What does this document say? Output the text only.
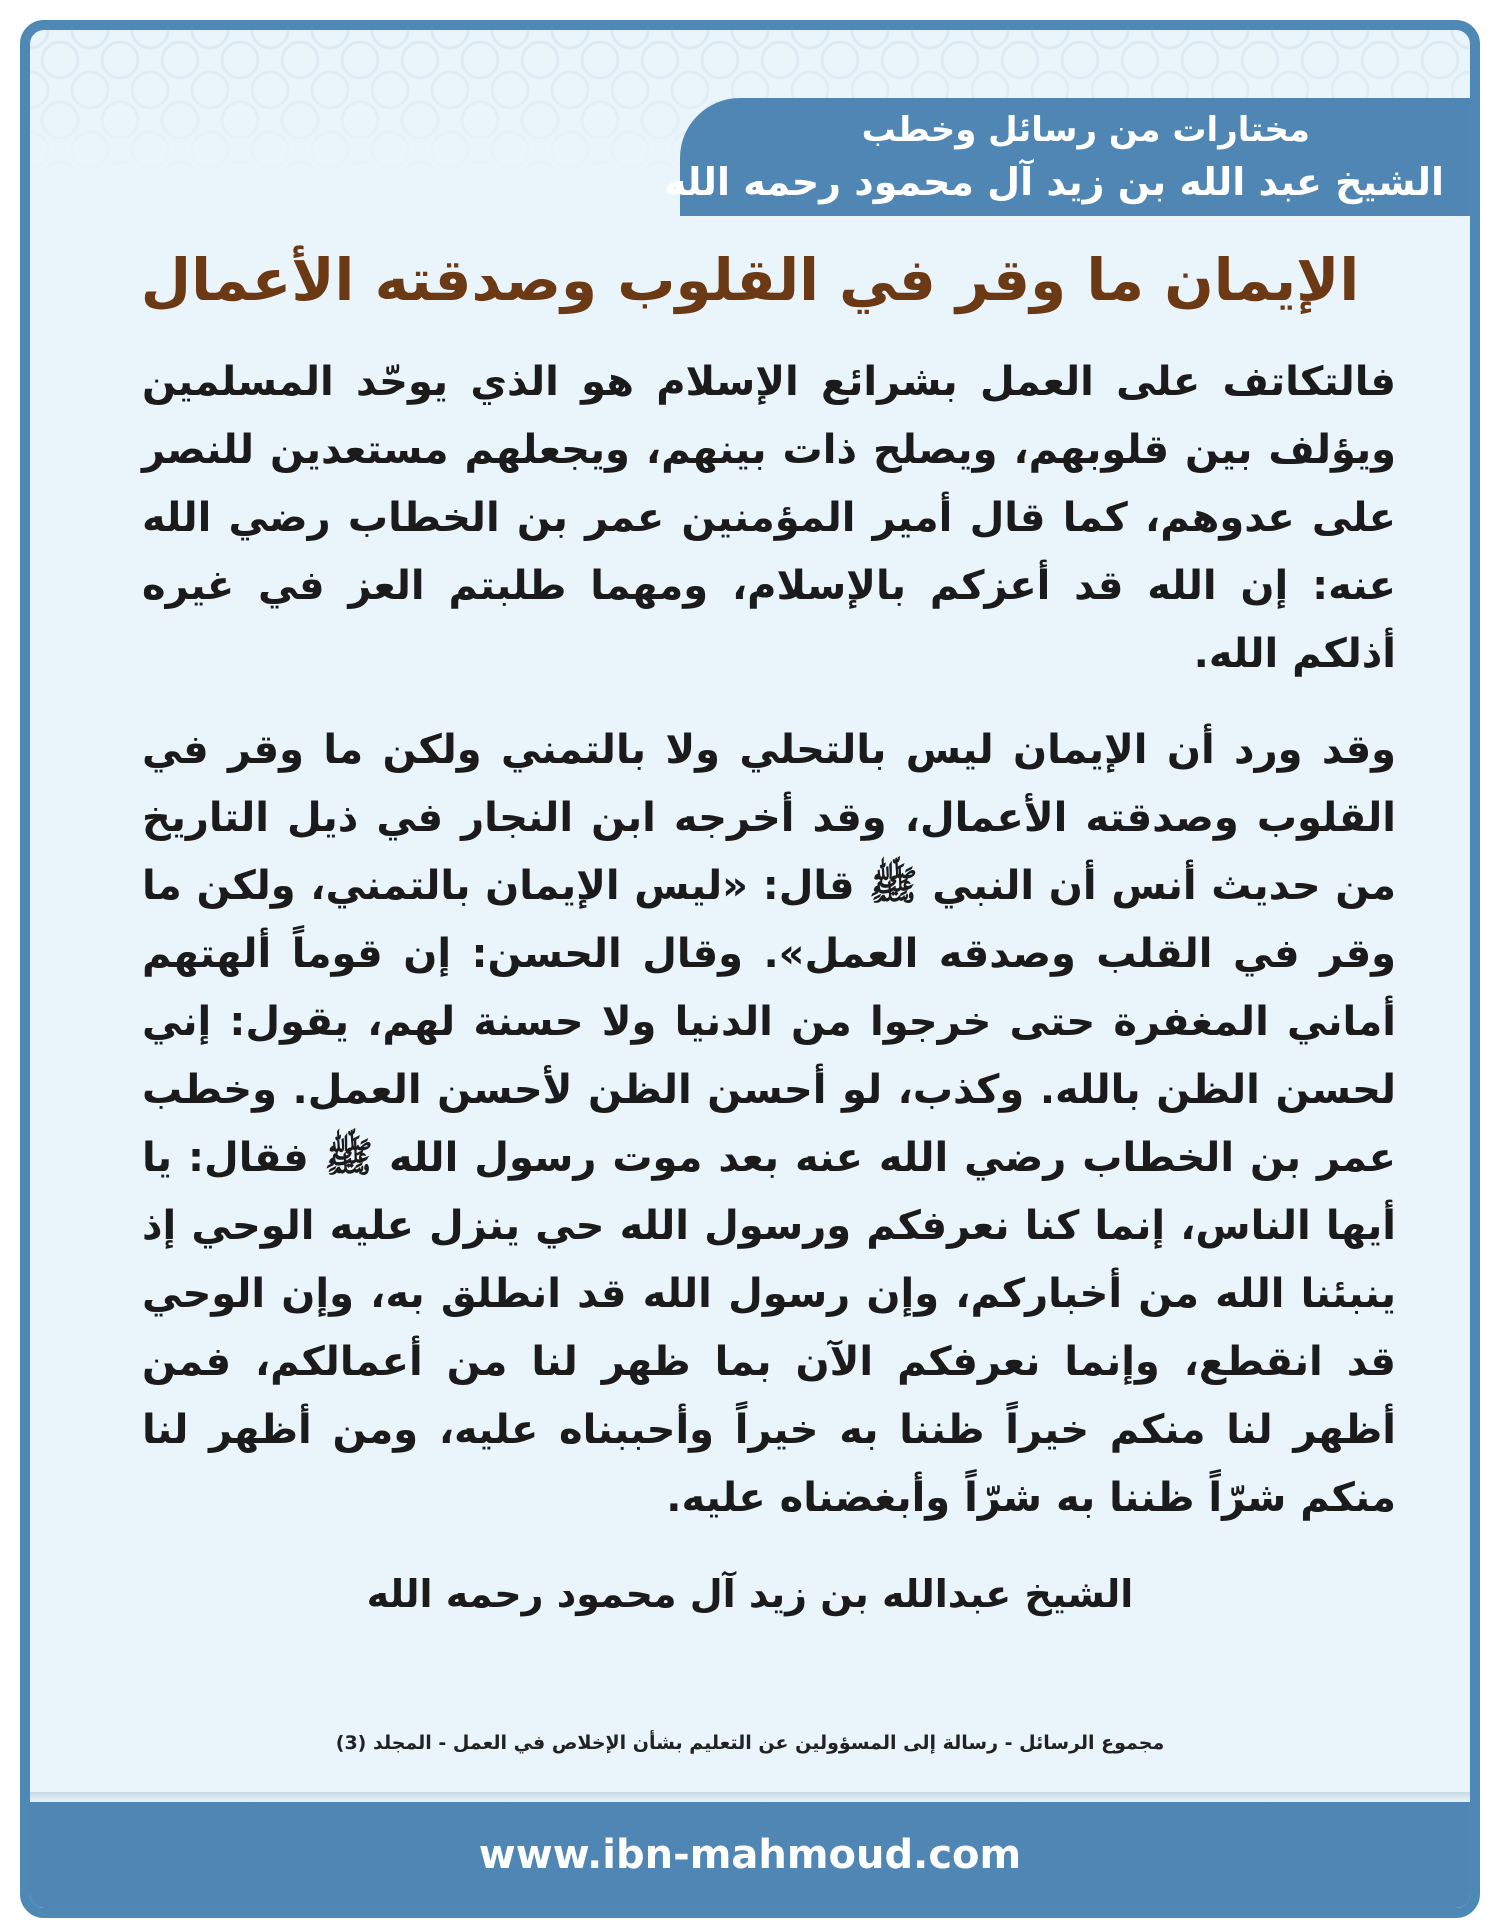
مختارات من رسائل وخطب
الشيخ عبد الله بن زيد آل محمود رحمه الله
الإيمان ما وقر في القلوب وصدقته الأعمال
فالتكاتف على العمل بشرائع الإسلام هو الذي يوحّد المسلمين ويؤلف بين قلوبهم، ويصلح ذات بينهم، ويجعلهم مستعدين للنصر على عدوهم، كما قال أمير المؤمنين عمر بن الخطاب رضي الله عنه: إن الله قد أعزكم بالإسلام، ومهما طلبتم العز في غيره أذلكم الله.
وقد ورد أن الإيمان ليس بالتحلي ولا بالتمني ولكن ما وقر في القلوب وصدقته الأعمال، وقد أخرجه ابن النجار في ذيل التاريخ من حديث أنس أن النبي ﷺ قال: «ليس الإيمان بالتمني، ولكن ما وقر في القلب وصدقه العمل». وقال الحسن: إن قوماً ألهتهم أماني المغفرة حتى خرجوا من الدنيا ولا حسنة لهم، يقول: إني لحسن الظن بالله. وكذب، لو أحسن الظن لأحسن العمل. وخطب عمر بن الخطاب رضي الله عنه بعد موت رسول الله ﷺ فقال: يا أيها الناس، إنما كنا نعرفكم ورسول الله حي ينزل عليه الوحي إذ ينبئنا الله من أخباركم، وإن رسول الله قد انطلق به، وإن الوحي قد انقطع، وإنما نعرفكم الآن بما ظهر لنا من أعمالكم، فمن أظهر لنا منكم خيراً ظننا به خيراً وأحببناه عليه، ومن أظهر لنا منكم شرّاً ظننا به شرّاً وأبغضناه عليه.
الشيخ عبدالله بن زيد آل محمود رحمه الله
مجموع الرسائل - رسالة إلى المسؤولين عن التعليم بشأن الإخلاص في العمل - المجلد (3)
www.ibn-mahmoud.com
